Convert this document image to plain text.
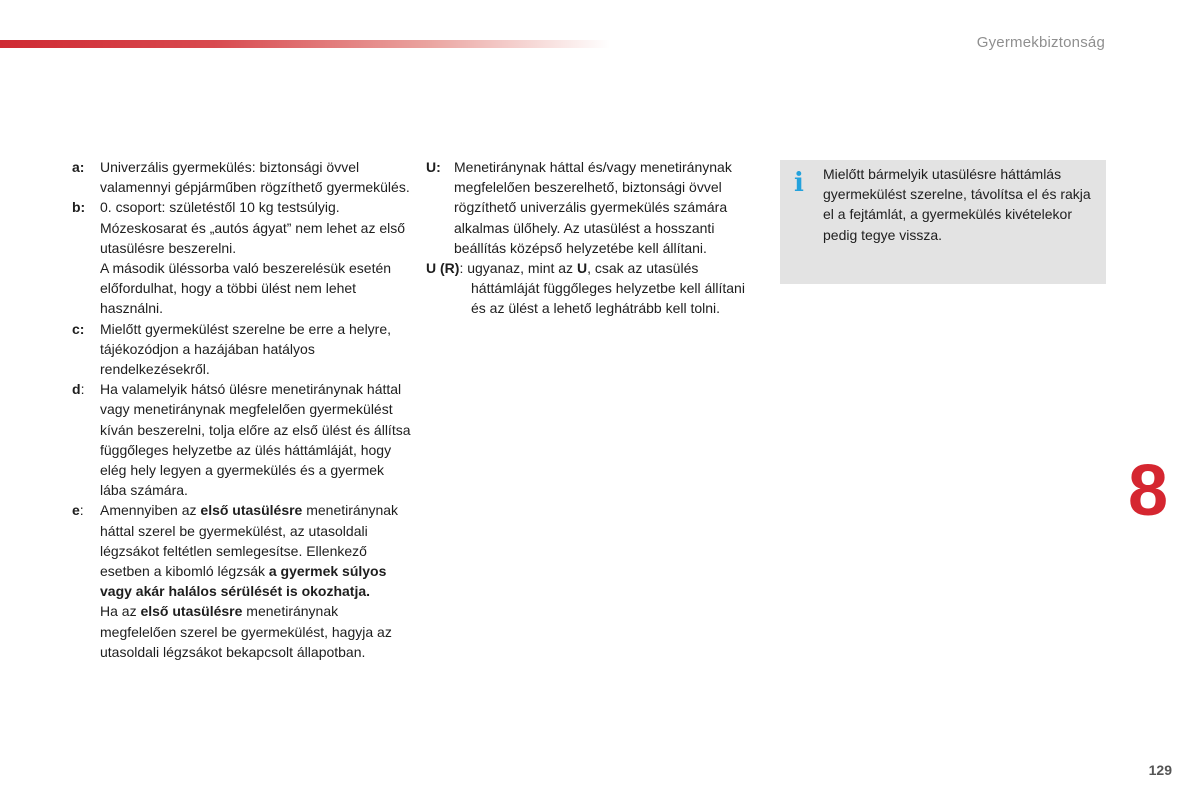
Gyermekbiztonság
a:	Univerzális gyermekülés: biztonsági övvel valamennyi gépjárműben rögzíthető gyermekülés.
b:	0. csoport: születéstől 10 kg testsúlyig. Mózeskosarat és „autós ágyat” nem lehet az első utasülésre beszerelni.
A második üléssorba való beszerelésük esetén előfordulhat, hogy a többi ülést nem lehet használni.
c:	Mielőtt gyermekülést szerelne be erre a helyre, tájékozódjon a hazájában hatályos rendelkezésekről.
d:	Ha valamelyik hátsó ülésre menetiránynak háttal vagy menetiránynak megfelelően gyermekülést kíván beszerelni, tolja előre az első ülést és állítsa függőleges helyzetbe az ülés háttámláját, hogy elég hely legyen a gyermekülés és a gyermek lába számára.
e:	Amennyiben az első utasülésre menetiránynak háttal szerel be gyermekülést, az utasoldali légzsákot feltétlen semlegesítse. Ellenkező esetben a kibomló légzsák a gyermek súlyos vagy akár halálos sérülését is okozhatja.
Ha az első utasülésre menetiránynak megfelelően szerel be gyermekülést, hagyja az utasoldali légzsákot bekapcsolt állapotban.
U: Menetiránynak háttal és/vagy menetiránynak megfelelően beszerelhető, biztonsági övvel rögzíthető univerzális gyermekülés számára alkalmas ülőhely. Az utasülést a hosszanti beállítás középső helyzetébe kell állítani.
U (R): ugyanaz, mint az U, csak az utasülés
háttámláját függőleges helyzetbe kell állítani és az ülést a lehető leghátrább kell tolni.
i Mielőtt bármelyik utasülésre háttámlás gyermekülést szerelne, távolítsa el és rakja el a fejtámlát, a gyermekülés kivételekor pedig tegye vissza.
8
129
